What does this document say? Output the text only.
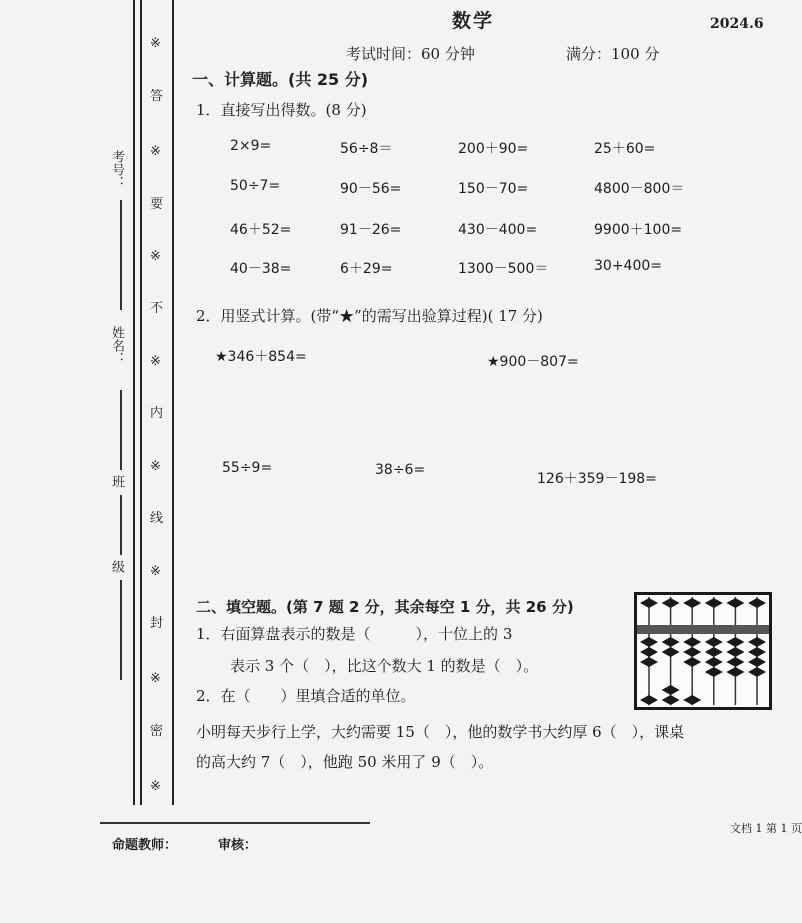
※
答
※
要
※
不
※
内
※
线
※
封
※
密
※
考号：
姓名：
班
级
数学	2024.6
考试时间：60 分钟	满分：100 分
一、计算题。(共 25 分)
1．直接写出得数。(8 分)
2×9=	56÷8＝	200＋90=	25＋60=
50÷7=	90－56=	150－70=	4800－800＝
46＋52=	91－26=	430－400=	9900＋100=
40－38=	6＋29=	1300－500＝	30+400=
2．用竖式计算。(带“★”的需写出验算过程)( 17 分)
★346＋854=	★900－807=
55÷9=	38÷6=
126＋359－198=
二、填空题。(第 7 题 2 分，其余每空 1 分，共 26 分)
1．右面算盘表示的数是（　　　），十位上的 3
表示 3 个（　），比这个数大 1 的数是（　）。
2．在（　　）里填合适的单位。
小明每天步行上学，大约需要 15（　），他的数学书大约厚 6（　），课桌
的高大约 7（　），他跑 50 米用了 9（　）。
命题教师：	审核：
文档 1 第 1 页
